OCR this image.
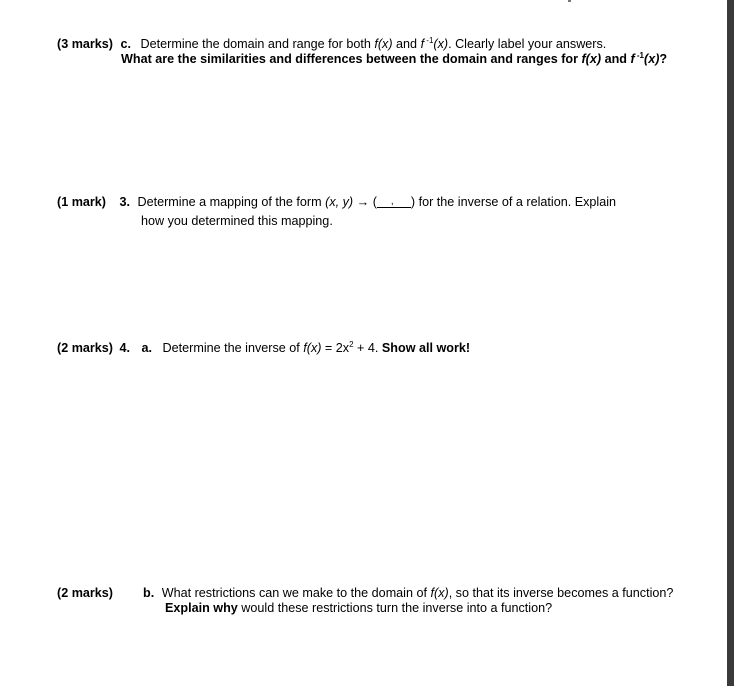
(3 marks) c. Determine the domain and range for both f(x) and f $^{-1}$(x). Clearly label your answers.
What are the similarities and differences between the domain and ranges for f(x) and f $^{-1}$(x)?
(1 mark) 3. Determine a mapping of the form (x, y) → ( , ) for the inverse of a relation. Explain
how you determined this mapping.
(2 marks) 4. a. Determine the inverse of $f(x) = 2x^2 + 4$. Show all work!
(2 marks) b. What restrictions can we make to the domain of f(x), so that its inverse becomes a function?
Explain why would these restrictions turn the inverse into a function?
